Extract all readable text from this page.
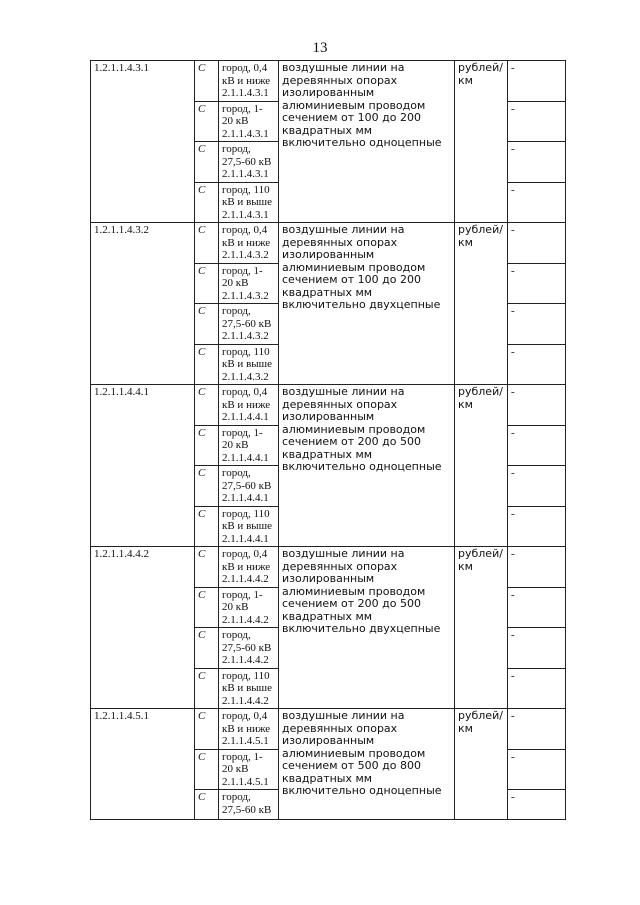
13
1.2.1.1.4.3.1	C	город, 0,4
кВ и ниже
2.1.1.4.3.1	воздушные линии на деревянных опорах изолированным алюминиевым проводом сечением от 100 до 200 квадратных мм включительно одноцепные	рублей/ км	-
	C	город, 1-
20 кВ
2.1.1.4.3.1			-
	C	город,
27,5-60 кВ
2.1.1.4.3.1			-
	C	город, 110
кВ и выше
2.1.1.4.3.1			-
1.2.1.1.4.3.2	C	город, 0,4
кВ и ниже
2.1.1.4.3.2	воздушные линии на деревянных опорах изолированным алюминиевым проводом сечением от 100 до 200 квадратных мм включительно двухцепные	рублей/ км	-
	C	город, 1-
20 кВ
2.1.1.4.3.2			-
	C	город,
27,5-60 кВ
2.1.1.4.3.2			-
	C	город, 110
кВ и выше
2.1.1.4.3.2			-
1.2.1.1.4.4.1	C	город, 0,4
кВ и ниже
2.1.1.4.4.1	воздушные линии на деревянных опорах изолированным алюминиевым проводом сечением от 200 до 500 квадратных мм включительно одноцепные	рублей/ км	-
	C	город, 1-
20 кВ
2.1.1.4.4.1			-
	C	город,
27,5-60 кВ
2.1.1.4.4.1			-
	C	город, 110
кВ и выше
2.1.1.4.4.1			-
1.2.1.1.4.4.2	C	город, 0,4
кВ и ниже
2.1.1.4.4.2	воздушные линии на деревянных опорах изолированным алюминиевым проводом сечением от 200 до 500 квадратных мм включительно двухцепные	рублей/ км	-
	C	город, 1-
20 кВ
2.1.1.4.4.2			-
	C	город,
27,5-60 кВ
2.1.1.4.4.2			-
	C	город, 110
кВ и выше
2.1.1.4.4.2			-
1.2.1.1.4.5.1	C	город, 0,4
кВ и ниже
2.1.1.4.5.1	воздушные линии на деревянных опорах изолированным алюминиевым проводом сечением от 500 до 800 квадратных мм включительно одноцепные	рублей/ км	-
	C	город, 1-
20 кВ
2.1.1.4.5.1			-
	C	город,
27,5-60 кВ			-
